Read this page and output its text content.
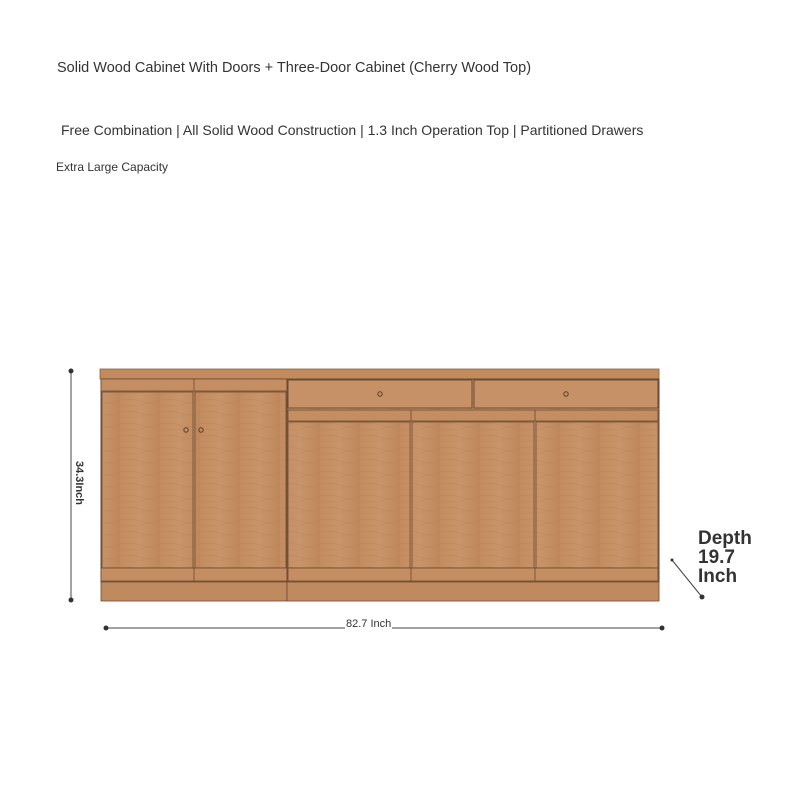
Solid Wood Cabinet With Doors + Three-Door Cabinet (Cherry Wood Top)
Free Combination | All Solid Wood Construction | 1.3 Inch Operation Top | Partitioned Drawers
Extra Large Capacity
82.7 Inch
34.3Inch
Depth
19.7
Inch
